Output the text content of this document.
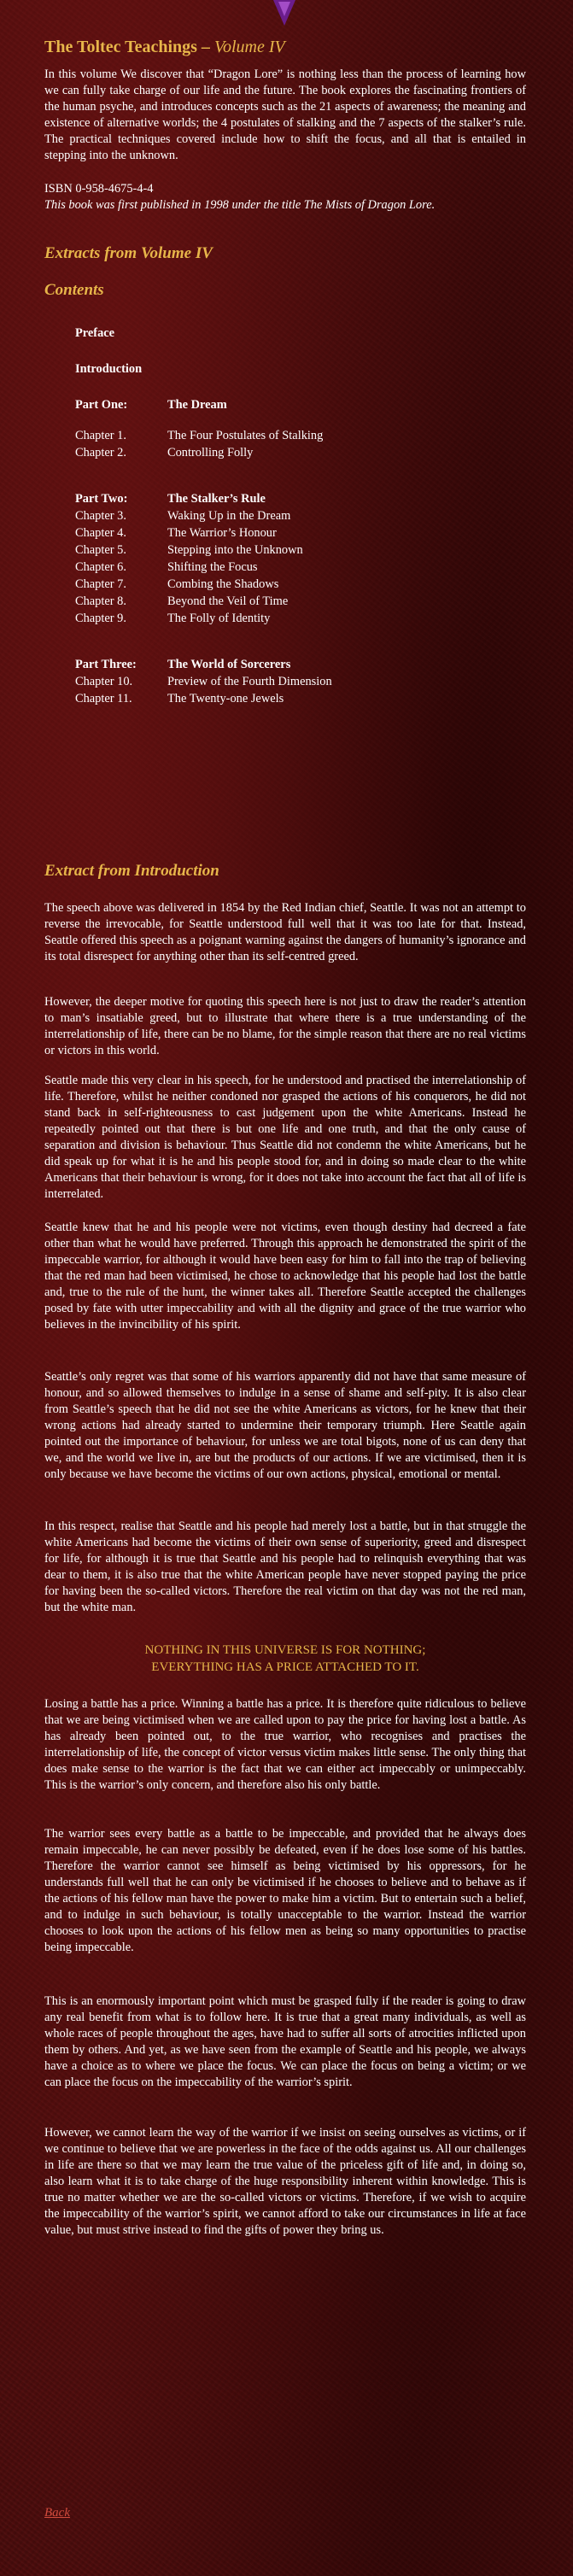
The Toltec Teachings – Volume IV

In this volume We discover that “Dragon Lore” is nothing less than the process of learning how we can fully take charge of our life and the future. The book explores the fascinating frontiers of the human psyche, and introduces concepts such as the 21 aspects of awareness; the meaning and existence of alternative worlds; the 4 postulates of stalking and the 7 aspects of the stalker’s rule. The practical techniques covered include how to shift the focus, and all that is entailed in stepping into the unknown.

ISBN 0-958-4675-4-4

This book was first published in 1998 under the title The Mists of Dragon Lore.

Extracts from Volume IV
Contents
Preface
Introduction
Part One:	The Dream
Chapter 1.	The Four Postulates of Stalking
Chapter 2.	Controlling Folly
Part Two:	The Stalker’s Rule
Chapter 3.	Waking Up in the Dream
Chapter 4.	The Warrior’s Honour
Chapter 5.	Stepping into the Unknown
Chapter 6.	Shifting the Focus
Chapter 7.	Combing the Shadows
Chapter 8.	Beyond the Veil of Time
Chapter 9.	The Folly of Identity
Part Three:	The World of Sorcerers
Chapter 10.	Preview of the Fourth Dimension
Chapter 11.	The Twenty-one Jewels
Extract from Introduction

The speech above was delivered in 1854 by the Red Indian chief, Seattle. It was not an attempt to reverse the irrevocable, for Seattle understood full well that it was too late for that. Instead, Seattle offered this speech as a poignant warning against the dangers of humanity’s ignorance and its total disrespect for anything other than its self-centred greed.

However, the deeper motive for quoting this speech here is not just to draw the reader’s attention to man’s insatiable greed, but to illustrate that where there is a true understanding of the interrelationship of life, there can be no blame, for the simple reason that there are no real victims or victors in this world.

Seattle made this very clear in his speech, for he understood and practised the interrelationship of life. Therefore, whilst he neither condoned nor grasped the actions of his conquerors, he did not stand back in self-righteousness to cast judgement upon the white Americans. Instead he repeatedly pointed out that there is but one life and one truth, and that the only cause of separation and division is behaviour. Thus Seattle did not condemn the white Americans, but he did speak up for what it is he and his people stood for, and in doing so made clear to the white Americans that their behaviour is wrong, for it does not take into account the fact that all of life is interrelated.

Seattle knew that he and his people were not victims, even though destiny had decreed a fate other than what he would have preferred. Through this approach he demonstrated the spirit of the impeccable warrior, for although it would have been easy for him to fall into the trap of believing that the red man had been victimised, he chose to acknowledge that his people had lost the battle and, true to the rule of the hunt, the winner takes all. Therefore Seattle accepted the challenges posed by fate with utter impeccability and with all the dignity and grace of the true warrior who believes in the invincibility of his spirit.

Seattle’s only regret was that some of his warriors apparently did not have that same measure of honour, and so allowed themselves to indulge in a sense of shame and self-pity. It is also clear from Seattle’s speech that he did not see the white Americans as victors, for he knew that their wrong actions had already started to undermine their temporary triumph. Here Seattle again pointed out the importance of behaviour, for unless we are total bigots, none of us can deny that we, and the world we live in, are but the products of our actions. If we are victimised, then it is only because we have become the victims of our own actions, physical, emotional or mental.

In this respect, realise that Seattle and his people had merely lost a battle, but in that struggle the white Americans had become the victims of their own sense of superiority, greed and disrespect for life, for although it is true that Seattle and his people had to relinquish everything that was dear to them, it is also true that the white American people have never stopped paying the price for having been the so-called victors. Therefore the real victim on that day was not the red man, but the white man.

NOTHING IN THIS UNIVERSE IS FOR NOTHING;
EVERYTHING HAS A PRICE ATTACHED TO IT.

Losing a battle has a price. Winning a battle has a price. It is therefore quite ridiculous to believe that we are being victimised when we are called upon to pay the price for having lost a battle. As has already been pointed out, to the true warrior, who recognises and practises the interrelationship of life, the concept of victor versus victim makes little sense. The only thing that does make sense to the warrior is the fact that we can either act impeccably or unimpeccably. This is the warrior’s only concern, and therefore also his only battle.

The warrior sees every battle as a battle to be impeccable, and provided that he always does remain impeccable, he can never possibly be defeated, even if he does lose some of his battles. Therefore the warrior cannot see himself as being victimised by his oppressors, for he understands full well that he can only be victimised if he chooses to believe and to behave as if the actions of his fellow man have the power to make him a victim. But to entertain such a belief, and to indulge in such behaviour, is totally unacceptable to the warrior. Instead the warrior chooses to look upon the actions of his fellow men as being so many opportunities to practise being impeccable.

This is an enormously important point which must be grasped fully if the reader is going to draw any real benefit from what is to follow here. It is true that a great many individuals, as well as whole races of people throughout the ages, have had to suffer all sorts of atrocities inflicted upon them by others. And yet, as we have seen from the example of Seattle and his people, we always have a choice as to where we place the focus. We can place the focus on being a victim; or we can place the focus on the impeccability of the warrior’s spirit.

However, we cannot learn the way of the warrior if we insist on seeing ourselves as victims, or if we continue to believe that we are powerless in the face of the odds against us. All our challenges in life are there so that we may learn the true value of the priceless gift of life and, in doing so, also learn what it is to take charge of the huge responsibility inherent within knowledge. This is true no matter whether we are the so-called victors or victims. Therefore, if we wish to acquire the impeccability of the warrior’s spirit, we cannot afford to take our circumstances in life at face value, but must strive instead to find the gifts of power they bring us.

Back
